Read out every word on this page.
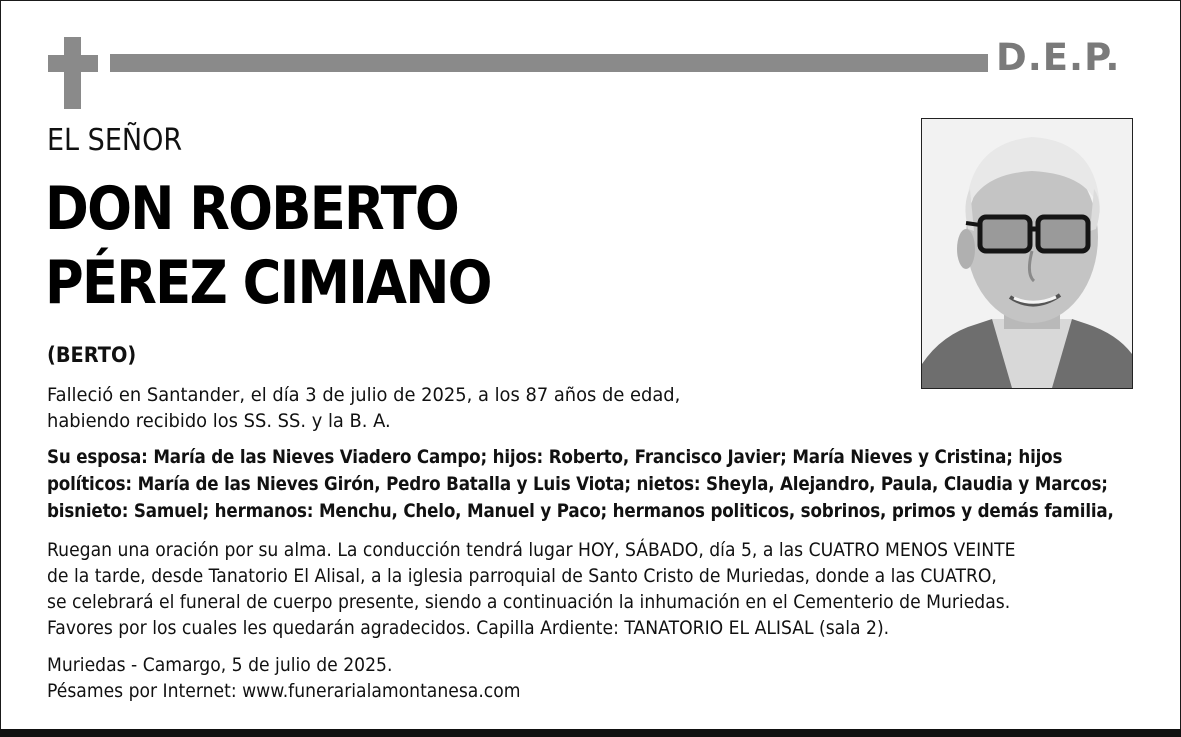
D.E.P.
EL SEÑOR
DON ROBERTO
PÉREZ CIMIANO
(BERTO)

Falleció en Santander, el día 3 de julio de 2025, a los 87 años de edad,

habiendo recibido los SS. SS. y la B. A.

Su esposa: María de las Nieves Viadero Campo; hijos: Roberto, Francisco Javier; María Nieves y Cristina; hijos

políticos: María de las Nieves Girón, Pedro Batalla y Luis Viota; nietos: Sheyla, Alejandro, Paula, Claudia y Marcos;

bisnieto: Samuel; hermanos: Menchu, Chelo, Manuel y Paco; hermanos politicos, sobrinos, primos y demás familia,

Ruegan una oración por su alma. La conducción tendrá lugar HOY, SÁBADO, día 5, a las CUATRO MENOS VEINTE

de la tarde, desde Tanatorio El Alisal, a la iglesia parroquial de Santo Cristo de Muriedas, donde a las CUATRO,

se celebrará el funeral de cuerpo presente, siendo a continuación la inhumación en el Cementerio de Muriedas.

Favores por los cuales les quedarán agradecidos. Capilla Ardiente: TANATORIO EL ALISAL (sala 2).

Muriedas - Camargo, 5 de julio de 2025.

Pésames por Internet: www.funerarialamontanesa.com
